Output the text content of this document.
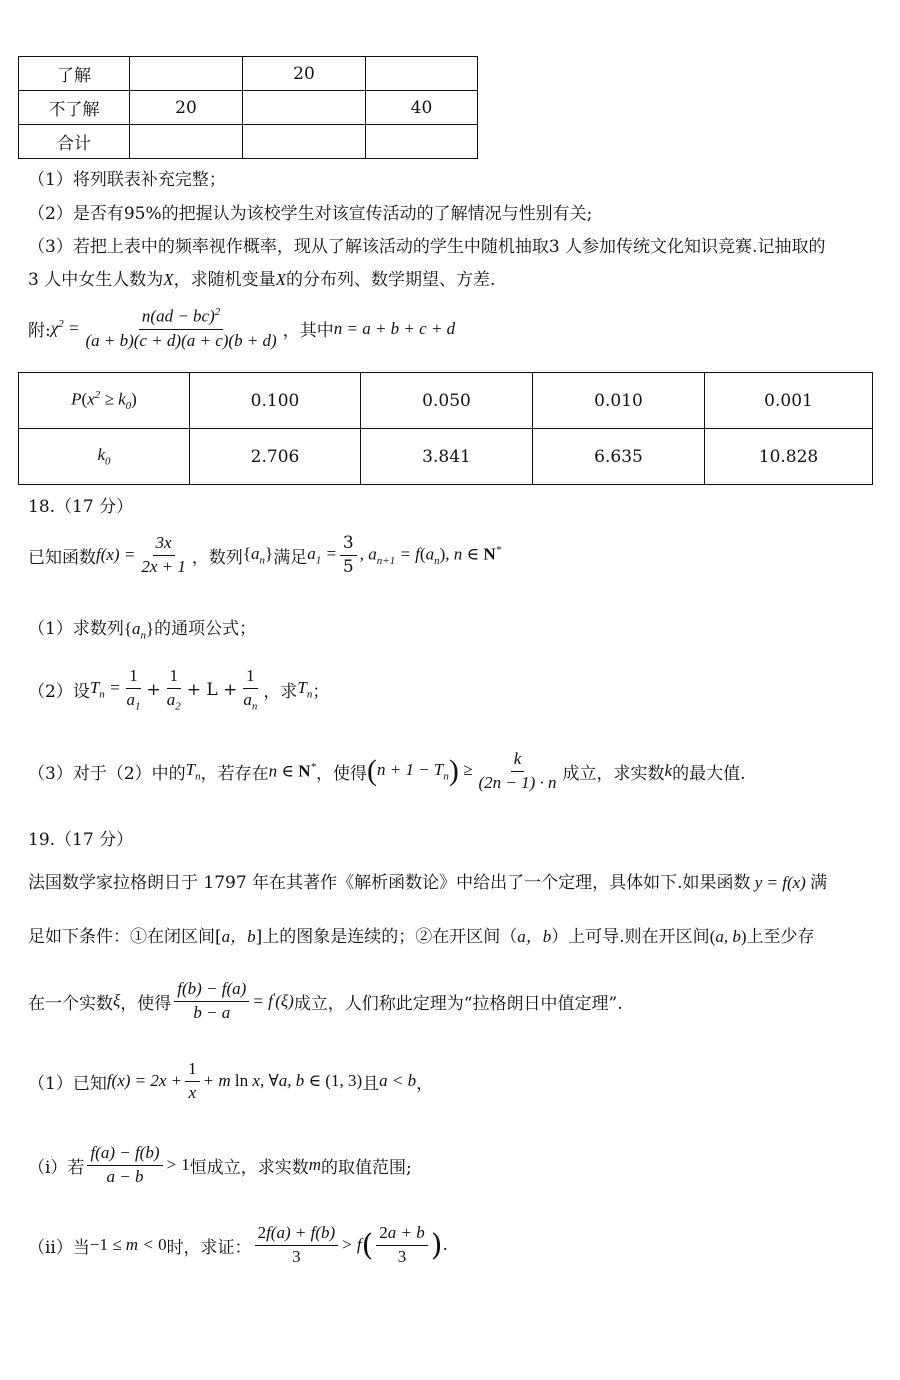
了解		20	
不了解	20		40
合计			
（1）将列联表补充完整；
（2）是否有95%的把握认为该校学生对该宣传活动的了解情况与性别有关;
（3）若把上表中的频率视作概率，现从了解该活动的学生中随机抽取3 人参加传统文化知识竞赛.记抽取的
3 人中女生人数为X，求随机变量X的分布列、数学期望、方差.
附: $\chi^2 = \frac{n(ad - bc)^2}{(a + b)(c + d)(a + c)(b + d)}$ ，其中 n = a + b + c + d
$P(x^2 \ge k_0)$	0.100	0.050	0.010	0.001
$k_0$	2.706	3.841	6.635	10.828
18.（17 分）
已知函数 $f(x) = \frac{3x}{2x + 1}$ ，数列 $\{a_n\}$ 满足 $a_1 = \frac{3}{5}$ , $a_{n+1} = f(a_n)$, n ∈ N*
（1）求数列$\{a_n\}$的通项公式；
（2）设 $T_n = \frac{1}{a_1} + \frac{1}{a_2} + L + \frac{1}{a_n}$ ，求 $T_n$ ；
（3）对于（2）中的 $T_n$ ，若存在 n ∈ N* ，使得 $(n + 1 - T_n) \ge \frac{k}{(2n - 1) \cdot n}$ 成立，求实数 k 的最大值.
19.（17 分）
法国数学家拉格朗日于 1797 年在其著作《解析函数论》中给出了一个定理，具体如下.如果函数 y = f(x) 满
足如下条件：①在闭区间[a，b]上的图象是连续的；②在开区间（a，b）上可导.则在开区间(a, b)上至少存
在一个实数 ξ ，使得 $\frac{f(b) - f(a)}{b - a} = f'(\xi)$ 成立，人们称此定理为“拉格朗日中值定理”.
（1）已知 $f(x) = 2x + \frac{1}{x} + m$ ln x, ∀a, b ∈ (1, 3) 且 a < b ，
（i）若 $\frac{f(a) - f(b)}{a - b} > 1$ 恒成立，求实数 m 的取值范围;
（ii）当 −1 ≤ m < 0 时，求证： $\frac{2f(a) + f(b)}{3} > f$ ( $\frac{2a + b}{3}$ ) .
